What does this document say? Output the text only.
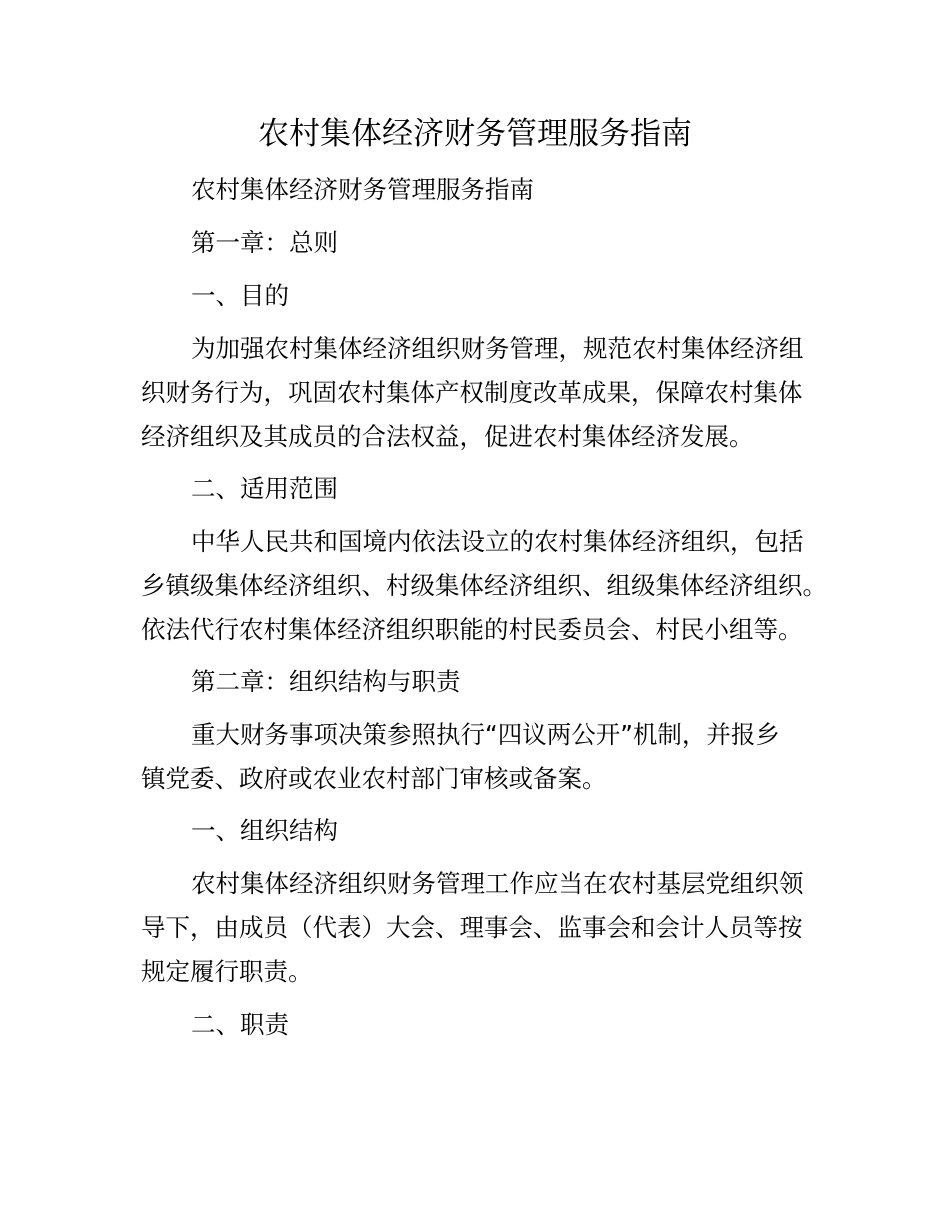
农村集体经济财务管理服务指南
农村集体经济财务管理服务指南
第一章：总则
一、目的
为加强农村集体经济组织财务管理，规范农村集体经济组
织财务行为，巩固农村集体产权制度改革成果，保障农村集体
经济组织及其成员的合法权益，促进农村集体经济发展。
二、适用范围
中华人民共和国境内依法设立的农村集体经济组织，包括
乡镇级集体经济组织、村级集体经济组织、组级集体经济组织。
依法代行农村集体经济组织职能的村民委员会、村民小组等。
第二章：组织结构与职责
重大财务事项决策参照执行“四议两公开”机制，并报乡
镇党委、政府或农业农村部门审核或备案。
一、组织结构
农村集体经济组织财务管理工作应当在农村基层党组织领
导下，由成员（代表）大会、理事会、监事会和会计人员等按
规定履行职责。
二、职责
